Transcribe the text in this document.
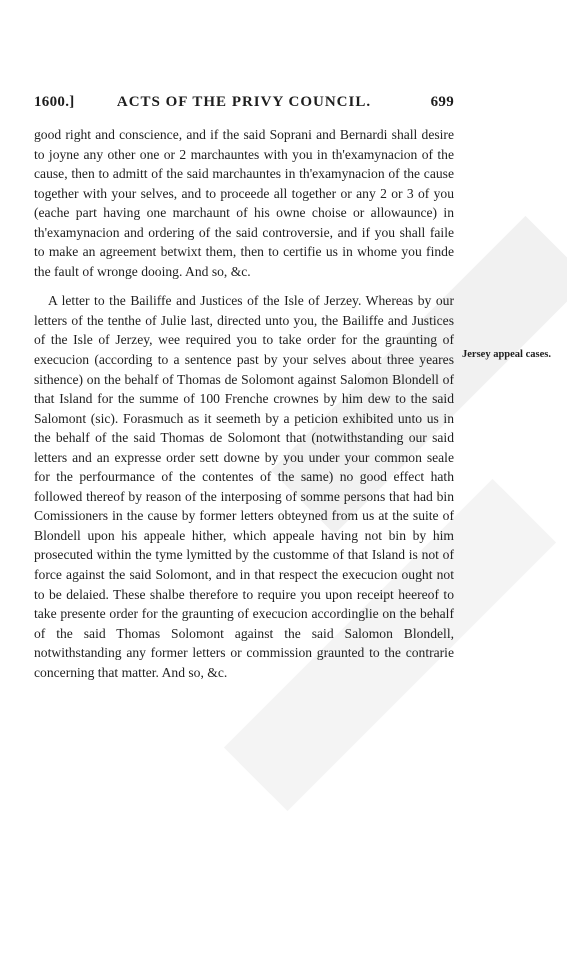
1600.]	ACTS OF THE PRIVY COUNCIL.	699

good right and conscience, and if the said Soprani and Bernardi shall desire to joyne any other one or 2 marchauntes with you in th'examynacion of the cause, then to admitt of the said marchauntes in th'examynacion of the cause together with your selves, and to proceede all together or any 2 or 3 of you (eache part having one marchaunt of his owne choise or allowaunce) in th'examynacion and ordering of the said controversie, and if you shall faile to make an agreement betwixt them, then to certifie us in whome you finde the fault of wronge dooing. And so, &c.

A letter to the Bailiffe and Justices of the Isle of Jerzey. Whereas by our letters of the tenthe of Julie last, directed unto you, the Bailiffe and Justices of the Isle of Jerzey, wee required you to take order for the graunting of execucion (according to a sentence past by your selves about three yeares sithence) on the behalf of Thomas de Solomont against Salomon Blondell of that Island for the summe of 100 Frenche crownes by him dew to the said Salomont (sic). Forasmuch as it seemeth by a peticion exhibited unto us in the behalf of the said Thomas de Solomont that (notwithstanding our said letters and an expresse order sett downe by you under your common seale for the perfourmance of the contentes of the same) no good effect hath followed thereof by reason of the interposing of somme persons that had bin Comissioners in the cause by former letters obteyned from us at the suite of Blondell upon his appeale hither, which appeale having not bin by him prosecuted within the tyme lymitted by the customme of that Island is not of force against the said Solomont, and in that respect the execucion ought not to be delaied. These shalbe therefore to require you upon receipt heereof to take presente order for the graunting of execucion accordinglie on the behalf of the said Thomas Solomont against the said Salomon Blondell, notwithstanding any former letters or commission graunted to the contrarie concerning that matter. And so, &c.

Jersey appeal cases.
